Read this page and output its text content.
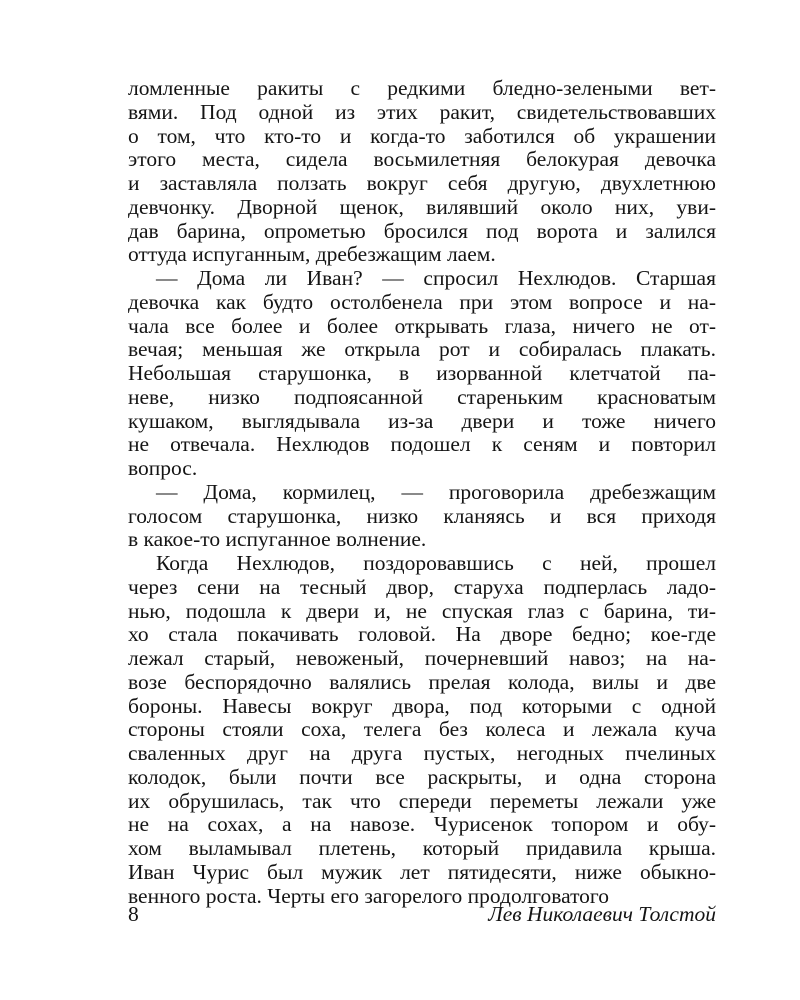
ломленные ракиты с редкими бледно-зелеными вет-
вями. Под одной из этих ракит, свидетельствовавших
о том, что кто-то и когда-то заботился об украшении
этого места, сидела восьмилетняя белокурая девочка
и заставляла ползать вокруг себя другую, двухлетнюю
девчонку. Дворной щенок, вилявший около них, уви-
дав барина, опрометью бросился под ворота и залился
оттуда испуганным, дребезжащим лаем.
— Дома ли Иван? — спросил Нехлюдов. Старшая
девочка как будто остолбенела при этом вопросе и на-
чала все более и более открывать глаза, ничего не от-
вечая; меньшая же открыла рот и собиралась плакать.
Небольшая старушонка, в изорванной клетчатой па-
невe, низко подпоясанной стареньким красноватым
кушаком, выглядывала из-за двери и тоже ничего
не отвечала. Нехлюдов подошел к сеням и повторил
вопрос.
— Дома, кормилец, — проговорила дребезжащим
голосом старушонка, низко кланяясь и вся приходя
в какое-то испуганное волнение.
Когда Нехлюдов, поздоровавшись с ней, прошел
через сени на тесный двор, старуха подперлась ладо-
нью, подошла к двери и, не спуская глаз с барина, ти-
хо стала покачивать головой. На дворе бедно; кое-где
лежал старый, невоженый, почерневший навоз; на на-
возе беспорядочно валялись прелая колода, вилы и две
бороны. Навесы вокруг двора, под которыми с одной
стороны стояли соха, телега без колеса и лежала куча
сваленных друг на друга пустых, негодных пчелиных
колодок, были почти все раскрыты, и одна сторона
их обрушилась, так что спереди переметы лежали уже
не на сохах, а на навозе. Чурисенок топором и обу-
хом выламывал плетень, который придавила крыша.
Иван Чурис был мужик лет пятидесяти, ниже обыкно-
венного роста. Черты его загорелого продолговатого
8	Лев Николаевич Толстой
